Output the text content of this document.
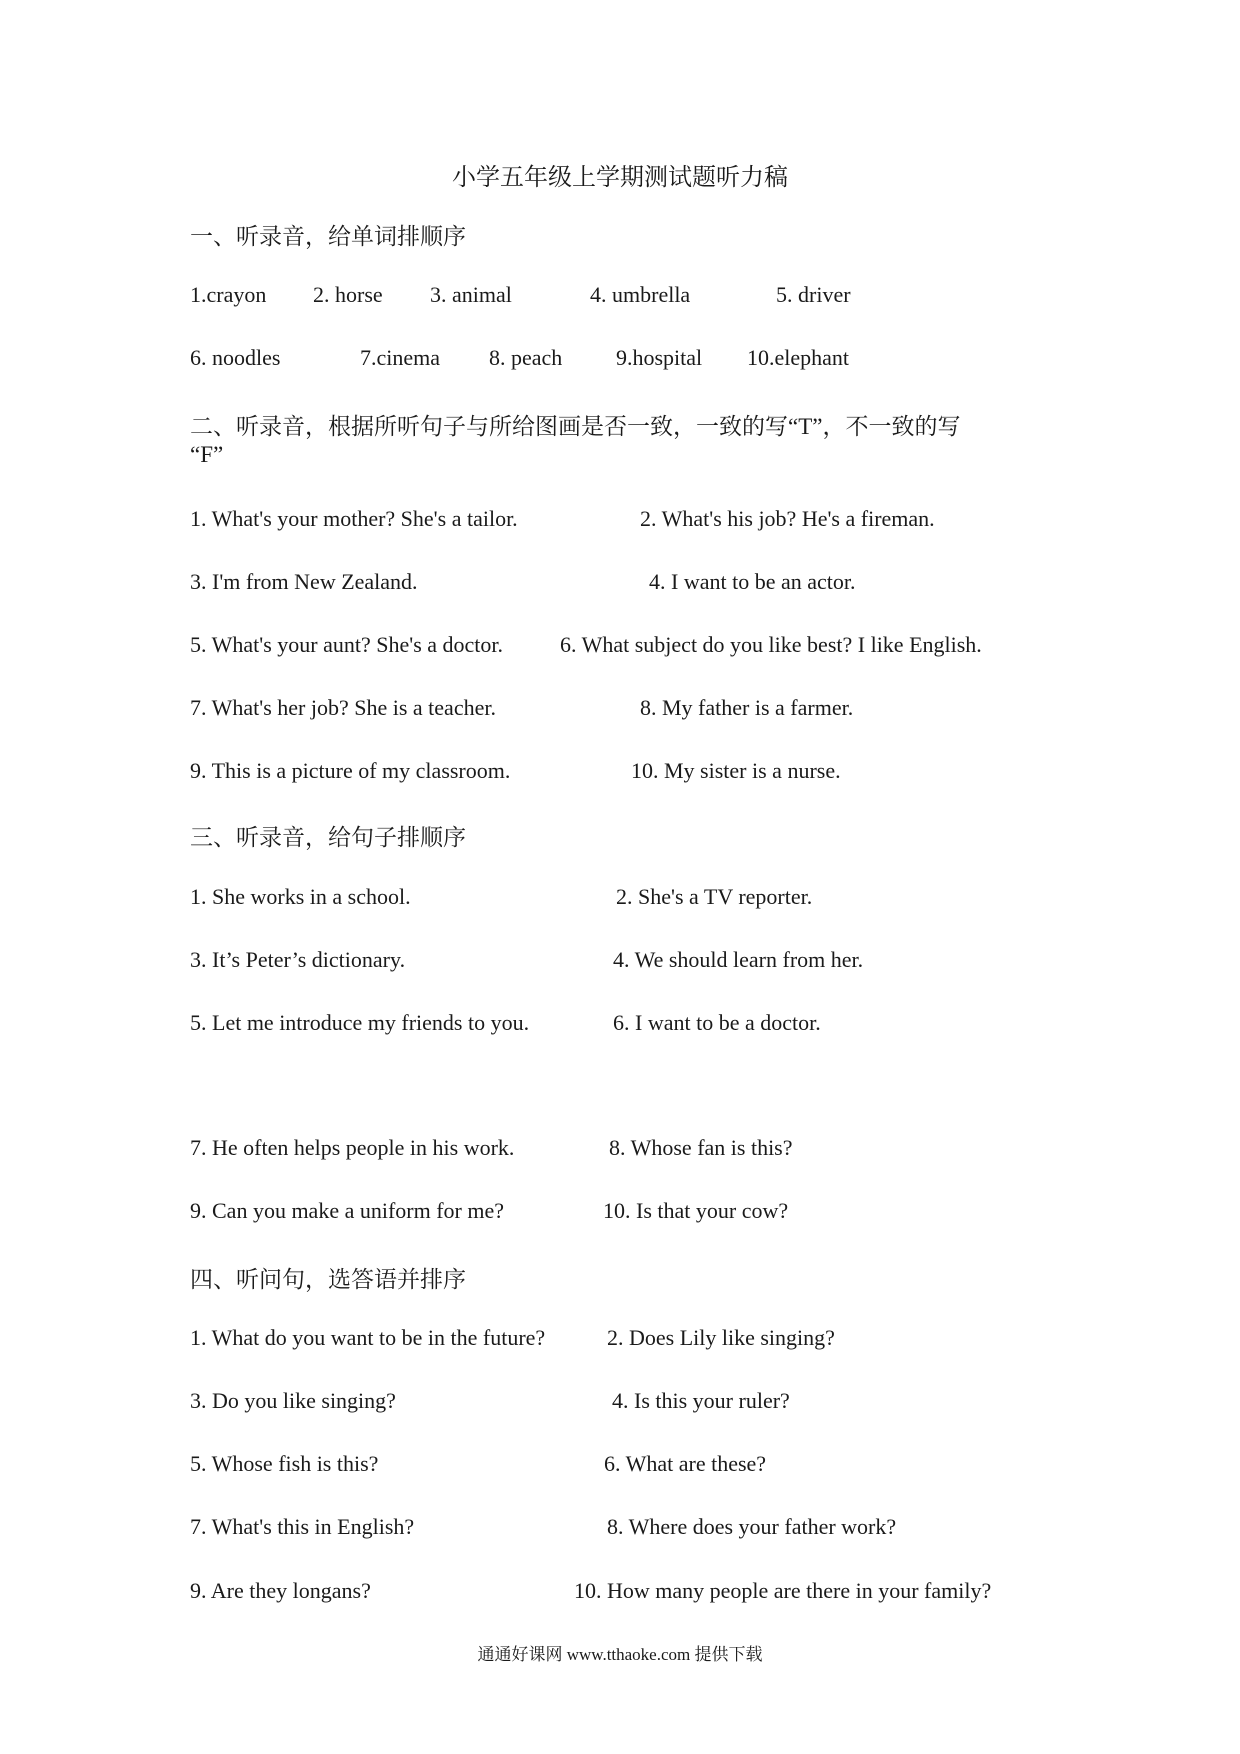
小学五年级上学期测试题听力稿
一、听录音，给单词排顺序
1.crayon 2. horse 3. animal	4. umbrella	5. driver
6. noodles	7.cinema 8. peach 9.hospital 10.elephant
二、听录音，根据所听句子与所给图画是否一致，一致的写“T”，不一致的写
“F”
1. What's your mother? She's a tailor.	2. What's his job? He's a fireman.
3. I'm from New Zealand.	4. I want to be an actor.
5. What's your aunt? She's a doctor.	6. What subject do you like best? I like English.
7. What's her job? She is a teacher.	8. My father is a farmer.
9. This is a picture of my classroom.	10. My sister is a nurse.
三、听录音，给句子排顺序
1. She works in a school.	2. She's a TV reporter.
3. It’s Peter’s dictionary.	4. We should learn from her.
5. Let me introduce my friends to you.	6. I want to be a doctor.
7. He often helps people in his work.	8. Whose fan is this?
9. Can you make a uniform for me?	10. Is that your cow?
四、听问句，选答语并排序
1. What do you want to be in the future?	2. Does Lily like singing?
3. Do you like singing?	4. Is this your ruler?
5. Whose fish is this?	6. What are these?
7. What's this in English?	8. Where does your father work?
9. Are they longans?	10. How many people are there in your family?
通通好课网 www.tthaoke.com 提供下载
